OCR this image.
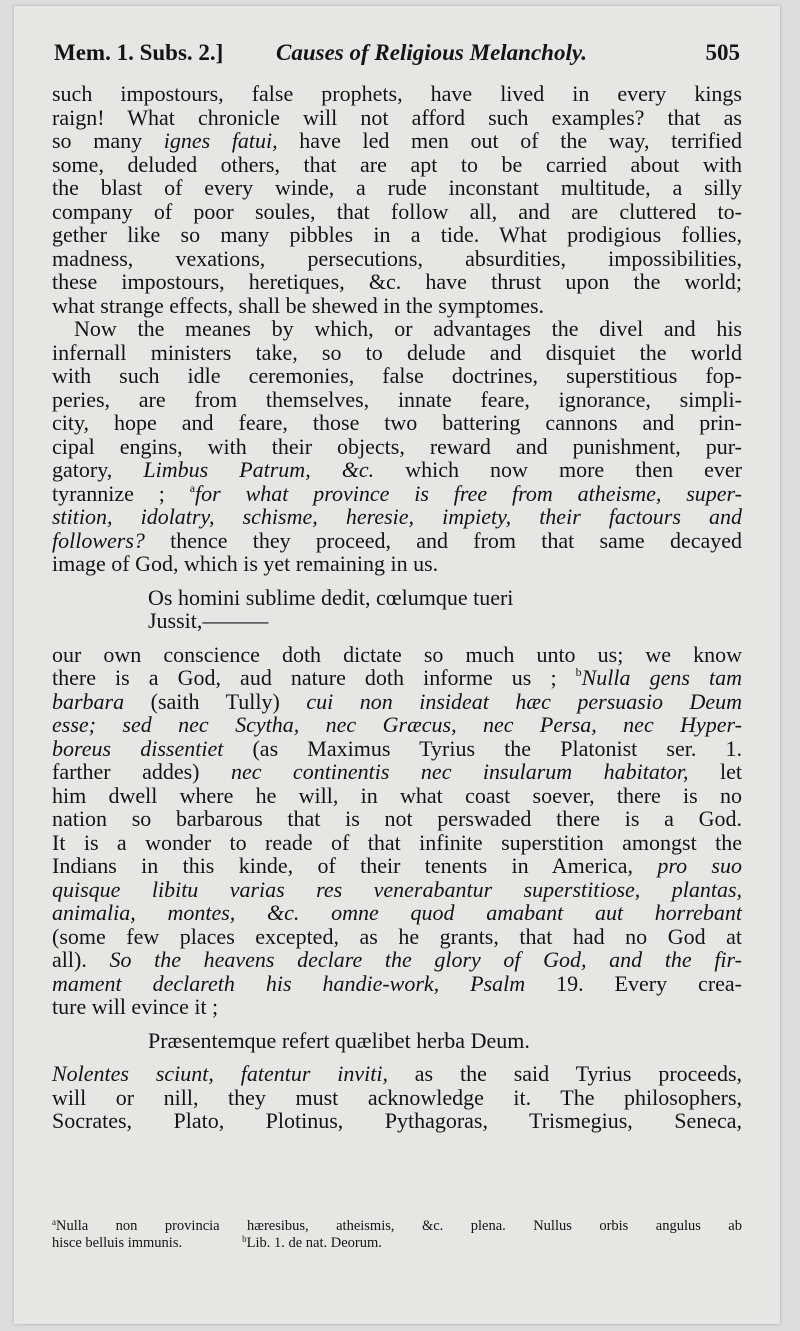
Mem. 1. Subs. 2.] Causes of Religious Melancholy.	505
such impostours, false prophets, have lived in every kings
raign! What chronicle will not afford such examples? that as
so many ignes fatui, have led men out of the way, terrified
some, deluded others, that are apt to be carried about with
the blast of every winde, a rude inconstant multitude, a silly
company of poor soules, that follow all, and are cluttered to-
gether like so many pibbles in a tide. What prodigious follies,
madness, vexations, persecutions, absurdities, impossibilities,
these impostours, heretiques, &c. have thrust upon the world;
what strange effects, shall be shewed in the symptomes.
Now the meanes by which, or advantages the divel and his
infernall ministers take, so to delude and disquiet the world
with such idle ceremonies, false doctrines, superstitious fop-
peries, are from themselves, innate feare, ignorance, simpli-
city, hope and feare, those two battering cannons and prin-
cipal engins, with their objects, reward and punishment, pur-
gatory, Limbus Patrum, &c. which now more then ever
tyrannize ; $^a$for what province is free from atheisme, super-
stition, idolatry, schisme, heresie, impiety, their factours and
followers? thence they proceed, and from that same decayed
image of God, which is yet remaining in us.
Os homini sublime dedit, cœlumque tueri
Jussit,———
our own conscience doth dictate so much unto us; we know
there is a God, aud nature doth informe us ; $^b$Nulla gens tam
barbara (saith Tully) cui non insideat hæc persuasio Deum
esse; sed nec Scytha, nec Græcus, nec Persa, nec Hyper-
boreus dissentiet (as Maximus Tyrius the Platonist ser. 1.
farther addes) nec continentis nec insularum habitator, let
him dwell where he will, in what coast soever, there is no
nation so barbarous that is not perswaded there is a God.
It is a wonder to reade of that infinite superstition amongst the
Indians in this kinde, of their tenents in America, pro suo
quisque libitu varias res venerabantur superstitiose, plantas,
animalia, montes, &c. omne quod amabant aut horrebant
(some few places excepted, as he grants, that had no God at
all). So the heavens declare the glory of God, and the fir-
mament declareth his handie-work, Psalm 19. Every crea-
ture will evince it ;
Præsentemque refert quælibet herba Deum.
Nolentes sciunt, fatentur inviti, as the said Tyrius proceeds,
will or nill, they must acknowledge it. The philosophers,
Socrates, Plato, Plotinus, Pythagoras, Trismegius, Seneca,
$^a$Nulla non provincia hæresibus, atheismis, &c. plena. Nullus orbis angulus ab
hisce belluis immunis.	$^b$Lib. 1. de nat. Deorum.
